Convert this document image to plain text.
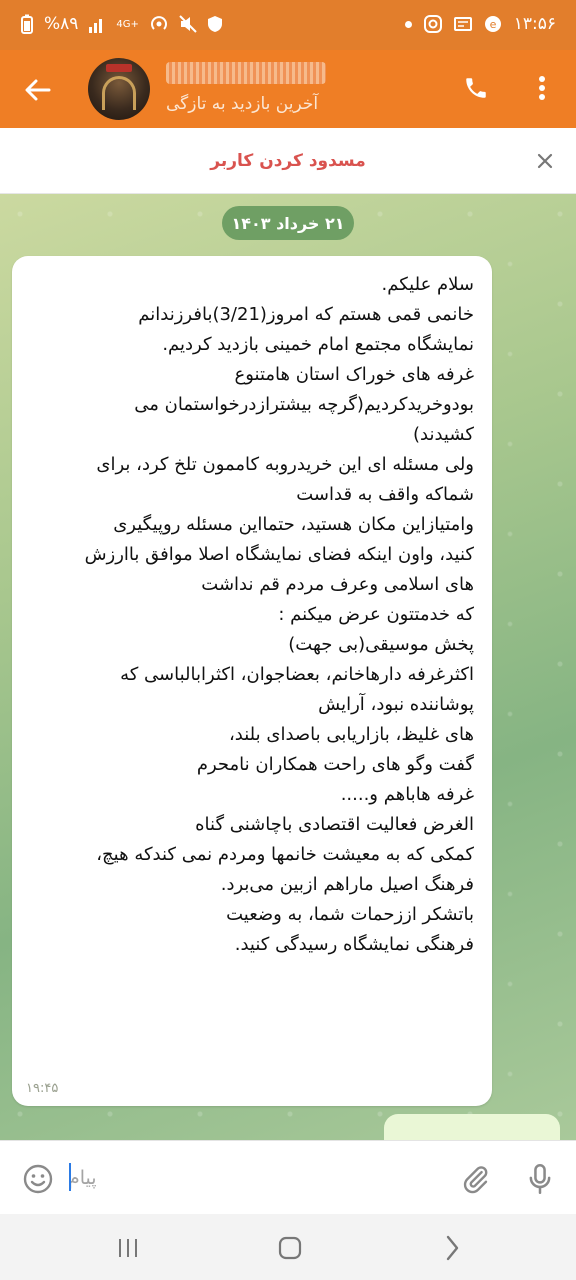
%۸۹	4G+	e ۱۳:۵۶
آخرین بازدید به تازگی
مسدود کردن کاربر
۲۱ خرداد ۱۴۰۳
سلام علیکم.
خانمی قمی هستم که امروز(3/21)بافرزندانم
نمایشگاه مجتمع امام خمینی بازدید کردیم.
غرفه های خوراک استان هامتنوع
بودوخریدکردیم(گرچه بیشترازدرخواستمان می
کشیدند)
ولی مسئله ای این خریدروبه کاممون تلخ کرد، برای
شماکه واقف به قداست
وامتیازاین مکان هستید، حتمااین مسئله روپیگیری
کنید، واون اینکه فضای نمایشگاه اصلا موافق باارزش
های اسلامی وعرف مردم قم نداشت
که خدمتتون عرض میکنم :
پخش موسیقی(بی جهت)
اکثرغرفه دارهاخانم، بعضاجوان، اکثرابالباسی که
پوشاننده نبود، آرایش
های غلیظ، بازاریابی باصدای بلند،
گفت وگو های راحت همکاران نامحرم
غرفه هاباهم و.....
الغرض فعالیت اقتصادی باچاشنی گناه
کمکی که به معیشت خانمها ومردم نمی کندکه هیچ،
فرهنگ اصیل ماراهم ازبین می‌برد.
باتشکر اززحمات شما، به وضعیت
فرهنگی نمایشگاه رسیدگی کنید.
۱۹:۴۵
پیام
